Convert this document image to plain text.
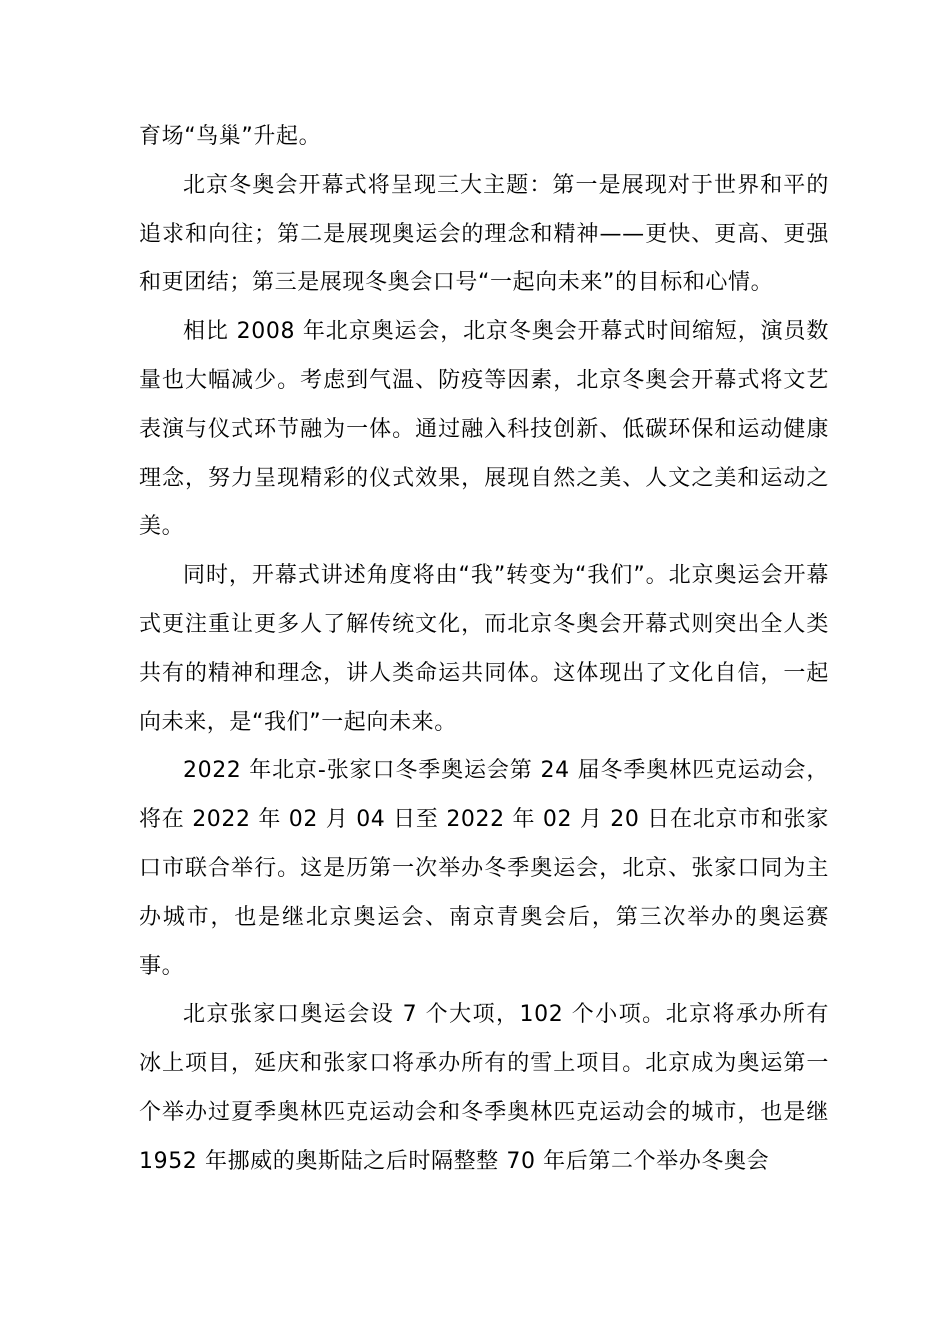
育场“鸟巢”升起。

北京冬奥会开幕式将呈现三大主题：第一是展现对于世界和平的追求和向往；第二是展现奥运会的理念和精神——更快、更高、更强和更团结；第三是展现冬奥会口号“一起向未来”的目标和心情。

相比 2008 年北京奥运会，北京冬奥会开幕式时间缩短，演员数量也大幅减少。考虑到气温、防疫等因素，北京冬奥会开幕式将文艺表演与仪式环节融为一体。通过融入科技创新、低碳环保和运动健康理念，努力呈现精彩的仪式效果，展现自然之美、人文之美和运动之美。

同时，开幕式讲述角度将由“我”转变为“我们”。北京奥运会开幕式更注重让更多人了解传统文化，而北京冬奥会开幕式则突出全人类共有的精神和理念，讲人类命运共同体。这体现出了文化自信，一起向未来，是“我们”一起向未来。

2022 年北京-张家口冬季奥运会第 24 届冬季奥林匹克运动会，将在 2022 年 02 月 04 日至 2022 年 02 月 20 日在北京市和张家口市联合举行。这是历第一次举办冬季奥运会，北京、张家口同为主办城市，也是继北京奥运会、南京青奥会后，第三次举办的奥运赛事。

北京张家口奥运会设 7 个大项，102 个小项。北京将承办所有冰上项目，延庆和张家口将承办所有的雪上项目。北京成为奥运第一个举办过夏季奥林匹克运动会和冬季奥林匹克运动会的城市，也是继 1952 年挪威的奥斯陆之后时隔整整 70 年后第二个举办冬奥会
